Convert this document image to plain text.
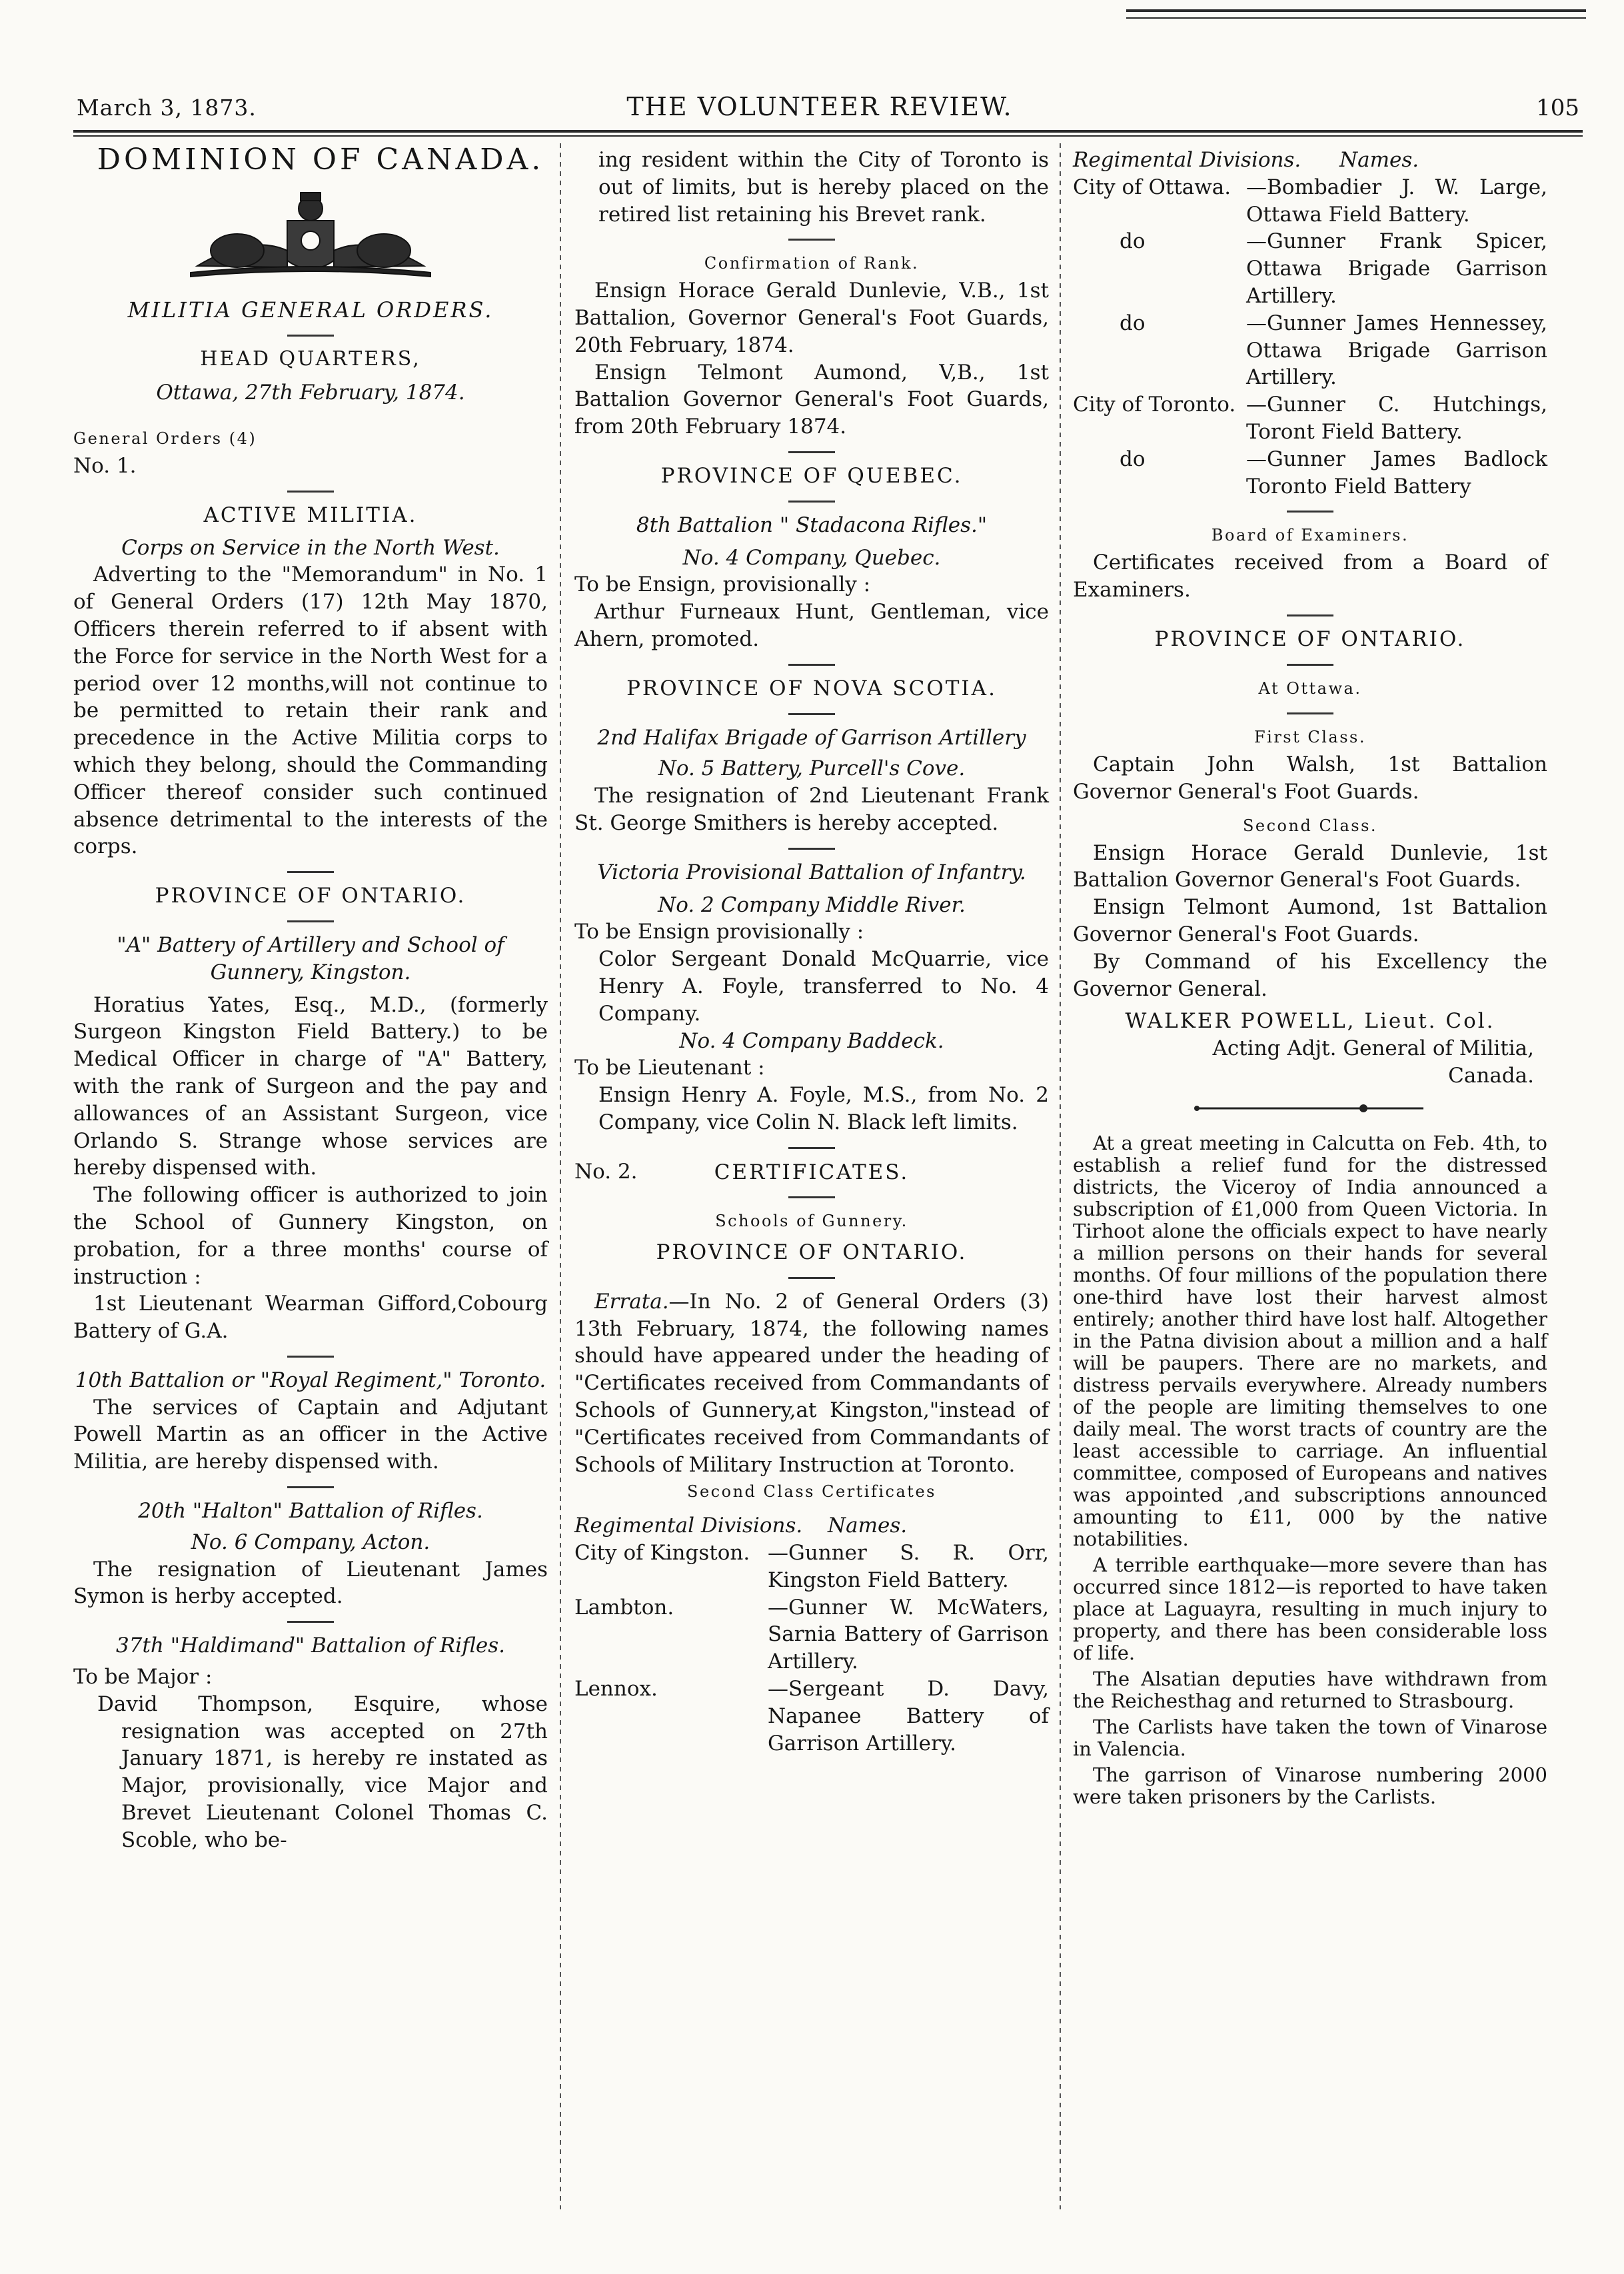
March 3, 1873.	THE VOLUNTEER REVIEW.	105

DOMINION OF CANADA.

MILITIA GENERAL ORDERS.

HEAD QUARTERS,

Ottawa, 27th February, 1874.

General Orders (4)

No. 1.

ACTIVE MILITIA.

Corps on Service in the North West.

Adverting to the "Memorandum" in No. 1 of General Orders (17) 12th May 1870, Officers therein referred to if absent with the Force for service in the North West for a period over 12 months,will not continue to be permitted to retain their rank and precedence in the Active Militia corps to which they belong, should the Commanding Officer thereof consider such continued absence detrimental to the interests of the corps.

PROVINCE OF ONTARIO.

"A" Battery of Artillery and School of Gunnery, Kingston.

Horatius Yates, Esq., M.D., (formerly Surgeon Kingston Field Battery.) to be Medical Officer in charge of "A" Battery, with the rank of Surgeon and the pay and allowances of an Assistant Surgeon, vice Orlando S. Strange whose services are hereby dispensed with.

The following officer is authorized to join the School of Gunnery Kingston, on probation, for a three months' course of instruction :

1st Lieutenant Wearman Gifford,Cobourg Battery of G.A.

10th Battalion or "Royal Regiment," Toronto.

The services of Captain and Adjutant Powell Martin as an officer in the Active Militia, are hereby dispensed with.

20th "Halton" Battalion of Rifles.

No. 6 Company, Acton.

The resignation of Lieutenant James Symon is herby accepted.

37th "Haldimand" Battalion of Rifles.

To be Major :

David Thompson, Esquire, whose resignation was accepted on 27th January 1871, is hereby re instated as Major, provisionally, vice Major and Brevet Lieutenant Colonel Thomas C. Scoble, who be-

ing resident within the City of Toronto is out of limits, but is hereby placed on the retired list retaining his Brevet rank.

Confirmation of Rank.

Ensign Horace Gerald Dunlevie, V.B., 1st Battalion, Governor General's Foot Guards, 20th February, 1874.

Ensign Telmont Aumond, V,B., 1st Battalion Governor General's Foot Guards, from 20th February 1874.

PROVINCE OF QUEBEC.

8th Battalion " Stadacona Rifles."

No. 4 Company, Quebec.

To be Ensign, provisionally :

Arthur Furneaux Hunt, Gentleman, vice Ahern, promoted.

PROVINCE OF NOVA SCOTIA.

2nd Halifax Brigade of Garrison Artillery

No. 5 Battery, Purcell's Cove.

The resignation of 2nd Lieutenant Frank St. George Smithers is hereby accepted.

Victoria Provisional Battalion of Infantry.

No. 2 Company Middle River.

To be Ensign provisionally :

Color Sergeant Donald McQuarrie, vice Henry A. Foyle, transferred to No. 4 Company.

No. 4 Company Baddeck.

To be Lieutenant :

Ensign Henry A. Foyle, M.S., from No. 2 Company, vice Colin N. Black left limits.

No. 2.	CERTIFICATES.

Schools of Gunnery.

PROVINCE OF ONTARIO.

Errata.—In No. 2 of General Orders (3) 13th February, 1874, the following names should have appeared under the heading of "Certificates received from Commandants of Schools of Gunnery,at Kingston,"instead of "Certificates received from Commandants of Schools of Military Instruction at Toronto.

Second Class Certificates

Regimental Divisions.	Names.
City of Kingston. —Gunner S. R. Orr, Kingston Field Battery.
Lambton.	—Gunner W. McWaters, Sarnia Battery of Garrison Artillery.
Lennox.	—Sergeant D. Davy, Napanee Battery of Garrison Artillery.
Regimental Divisions.	Names.
City of Ottawa. —Bombadier J. W. Large, Ottawa Field Battery.
do	—Gunner Frank Spicer, Ottawa Brigade Garrison Artillery.
do	—Gunner James Hennessey, Ottawa Brigade Garrison Artillery.
City of Toronto. —Gunner C. Hutchings, Toront Field Battery.
do	—Gunner James Badlock Toronto Field Battery

Board of Examiners.

Certificates received from a Board of Examiners.

PROVINCE OF ONTARIO.

At Ottawa.

First Class.

Captain John Walsh, 1st Battalion Governor General's Foot Guards.

Second Class.

Ensign Horace Gerald Dunlevie, 1st Battalion Governor General's Foot Guards.

Ensign Telmont Aumond, 1st Battalion Governor General's Foot Guards.

By Command of his Excellency the Governor General.

WALKER POWELL, Lieut. Col.

Acting Adjt. General of Militia,

Canada.

At a great meeting in Calcutta on Feb. 4th, to establish a relief fund for the distressed districts, the Viceroy of India announced a subscription of £1,000 from Queen Victoria. In Tirhoot alone the officials expect to have nearly a million persons on their hands for several months. Of four millions of the population there one-third have lost their harvest almost entirely; another third have lost half. Altogether in the Patna division about a million and a half will be paupers. There are no markets, and distress pervails everywhere. Already numbers of the people are limiting themselves to one daily meal. The worst tracts of country are the least accessible to carriage. An influential committee, composed of Europeans and natives was appointed ,and subscriptions announced amounting to £11, 000 by the native notabilities.

A terrible earthquake—more severe than has occurred since 1812—is reported to have taken place at Laguayra, resulting in much injury to property, and there has been considerable loss of life.

The Alsatian deputies have withdrawn from the Reichesthag and returned to Strasbourg.

The Carlists have taken the town of Vinarose in Valencia.

The garrison of Vinarose numbering 2000 were taken prisoners by the Carlists.
